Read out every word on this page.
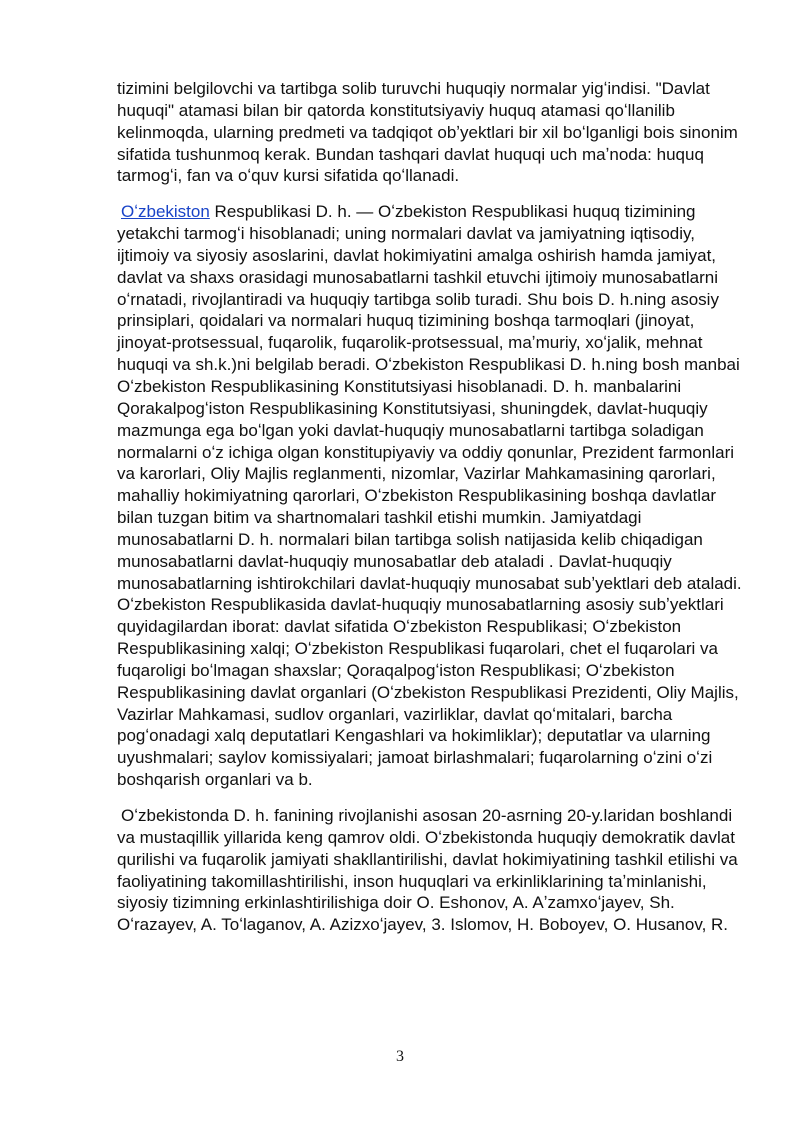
tizimini belgilovchi va tartibga solib turuvchi huquqiy normalar yigʻindisi. "Davlat huquqi" atamasi bilan bir qatorda konstitutsiyaviy huquq atamasi qoʻllanilib kelinmoqda, ularning predmeti va tadqiqot obʼyektlari bir xil boʻlganligi bois sinonim sifatida tushunmoq kerak. Bundan tashqari davlat huquqi uch maʼnoda: huquq tarmogʻi, fan va oʻquv kursi sifatida qoʻllanadi.

Oʻzbekiston Respublikasi D. h. — Oʻzbekiston Respublikasi huquq tizimining yetakchi tarmogʻi hisoblanadi; uning normalari davlat va jamiyatning iqtisodiy, ijtimoiy va siyosiy asoslarini, davlat hokimiyatini amalga oshirish hamda jamiyat, davlat va shaxs orasidagi munosabatlarni tashkil etuvchi ijtimoiy munosabatlarni oʻrnatadi, rivojlantiradi va huquqiy tartibga solib turadi. Shu bois D. h.ning asosiy prinsiplari, qoidalari va normalari huquq tizimining boshqa tarmoqlari (jinoyat, jinoyat-protsessual, fuqarolik, fuqarolik-protsessual, maʼmuriy, xoʻjalik, mehnat huquqi va sh.k.)ni belgilab beradi. Oʻzbekiston Respublikasi D. h.ning bosh manbai Oʻzbekiston Respublikasining Konstitutsiyasi hisoblanadi. D. h. manbalarini Qorakalpogʻiston Respublikasining Konstitutsiyasi, shuningdek, davlat-huquqiy mazmunga ega boʻlgan yoki davlat-huquqiy munosabatlarni tartibga soladigan normalarni oʻz ichiga olgan konstitupiyaviy va oddiy qonunlar, Prezident farmonlari va karorlari, Oliy Majlis reglanmenti, nizomlar, Vazirlar Mahkamasining qarorlari, mahalliy hokimiyatning qarorlari, Oʻzbekiston Respublikasining boshqa davlatlar bilan tuzgan bitim va shartnomalari tashkil etishi mumkin. Jamiyatdagi munosabatlarni D. h. normalari bilan tartibga solish natijasida kelib chiqadigan munosabatlarni davlat-huquqiy munosabatlar deb ataladi . Davlat-huquqiy munosabatlarning ishtirokchilari davlat-huquqiy munosabat subʼyektlari deb ataladi. Oʻzbekiston Respublikasida davlat-huquqiy munosabatlarning asosiy subʼyektlari quyidagilardan iborat: davlat sifatida Oʻzbekiston Respublikasi; Oʻzbekiston Respublikasining xalqi; Oʻzbekiston Respublikasi fuqarolari, chet el fuqarolari va fuqaroligi boʻlmagan shaxslar; Qoraqalpogʻiston Respublikasi; Oʻzbekiston Respublikasining davlat organlari (Oʻzbekiston Respublikasi Prezidenti, Oliy Majlis, Vazirlar Mahkamasi, sudlov organlari, vazirliklar, davlat qoʻmitalari, barcha pogʻonadagi xalq deputatlari Kengashlari va hokimliklar); deputatlar va ularning uyushmalari; saylov komissiyalari; jamoat birlashmalari; fuqarolarning oʻzini oʻzi boshqarish organlari va b.

Oʻzbekistonda D. h. fanining rivojlanishi asosan 20-asrning 20-y.laridan boshlandi va mustaqillik yillarida keng qamrov oldi. Oʻzbekistonda huquqiy demokratik davlat qurilishi va fuqarolik jamiyati shakllantirilishi, davlat hokimiyatining tashkil etilishi va faoliyatining takomillashtirilishi, inson huquqlari va erkinliklarining taʼminlanishi, siyosiy tizimning erkinlashtirilishiga doir O. Eshonov, A. Aʼzamxoʻjayev, Sh. Oʻrazayev, A. Toʻlaganov, A. Azizxoʻjayev, 3. Islomov, H. Boboyev, O. Husanov, R.

3
